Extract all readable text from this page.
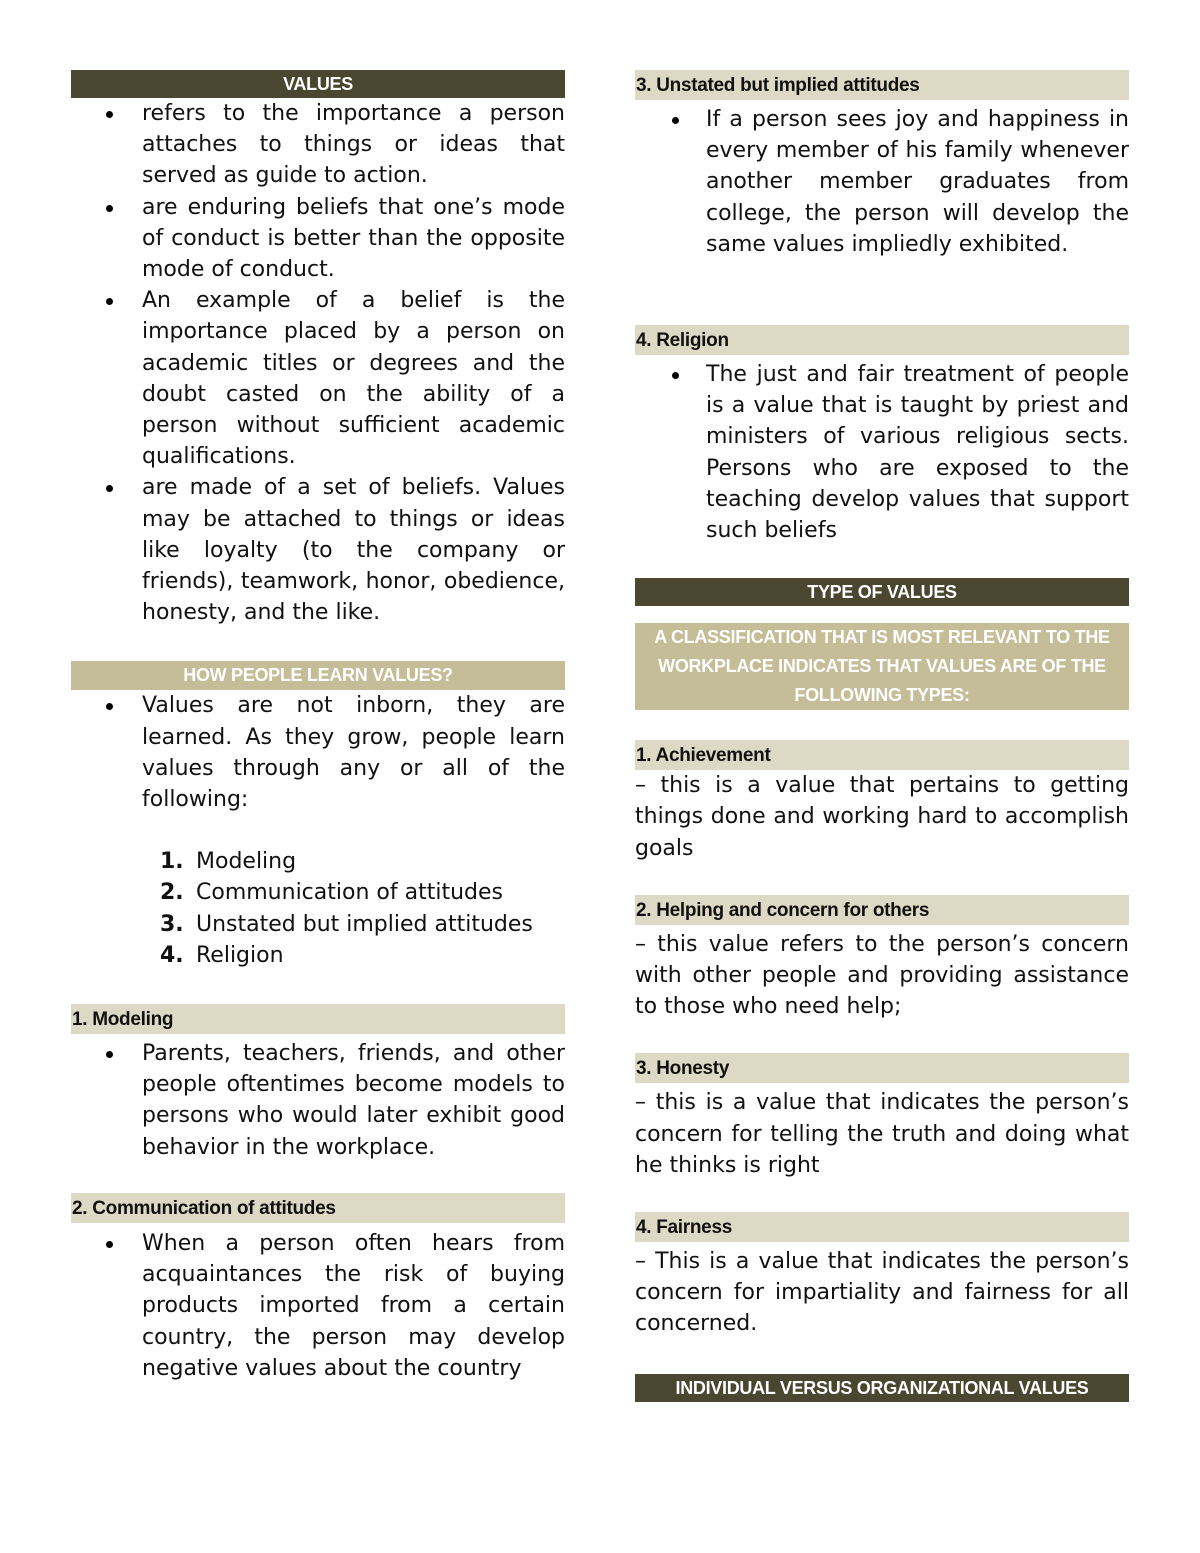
VALUES
refers to the importance a person attaches to things or ideas that served as guide to action.
are enduring beliefs that one’s mode of conduct is better than the opposite mode of conduct.
An example of a belief is the importance placed by a person on academic titles or degrees and the doubt casted on the ability of a person without sufficient academic qualifications.
are made of a set of beliefs. Values may be attached to things or ideas like loyalty (to the company or friends), teamwork, honor, obedience, honesty, and the like.
HOW PEOPLE LEARN VALUES?
Values are not inborn, they are learned. As they grow, people learn values through any or all of the following:
1. Modeling
2. Communication of attitudes
3. Unstated but implied attitudes
4. Religion
1. Modeling
Parents, teachers, friends, and other people oftentimes become models to persons who would later exhibit good behavior in the workplace.
2. Communication of attitudes
When a person often hears from acquaintances the risk of buying products imported from a certain country, the person may develop negative values about the country
3. Unstated but implied attitudes
If a person sees joy and happiness in every member of his family whenever another member graduates from college, the person will develop the same values impliedly exhibited.
4. Religion
The just and fair treatment of people is a value that is taught by priest and ministers of various religious sects. Persons who are exposed to the teaching develop values that support such beliefs
TYPE OF VALUES
A CLASSIFICATION THAT IS MOST RELEVANT TO THE WORKPLACE INDICATES THAT VALUES ARE OF THE FOLLOWING TYPES:
1. Achievement

– this is a value that pertains to getting things done and working hard to accomplish goals

2. Helping and concern for others

– this value refers to the person’s concern with other people and providing assistance to those who need help;

3. Honesty

– this is a value that indicates the person’s concern for telling the truth and doing what he thinks is right

4. Fairness

– This is a value that indicates the person’s concern for impartiality and fairness for all concerned.

INDIVIDUAL VERSUS ORGANIZATIONAL VALUES
